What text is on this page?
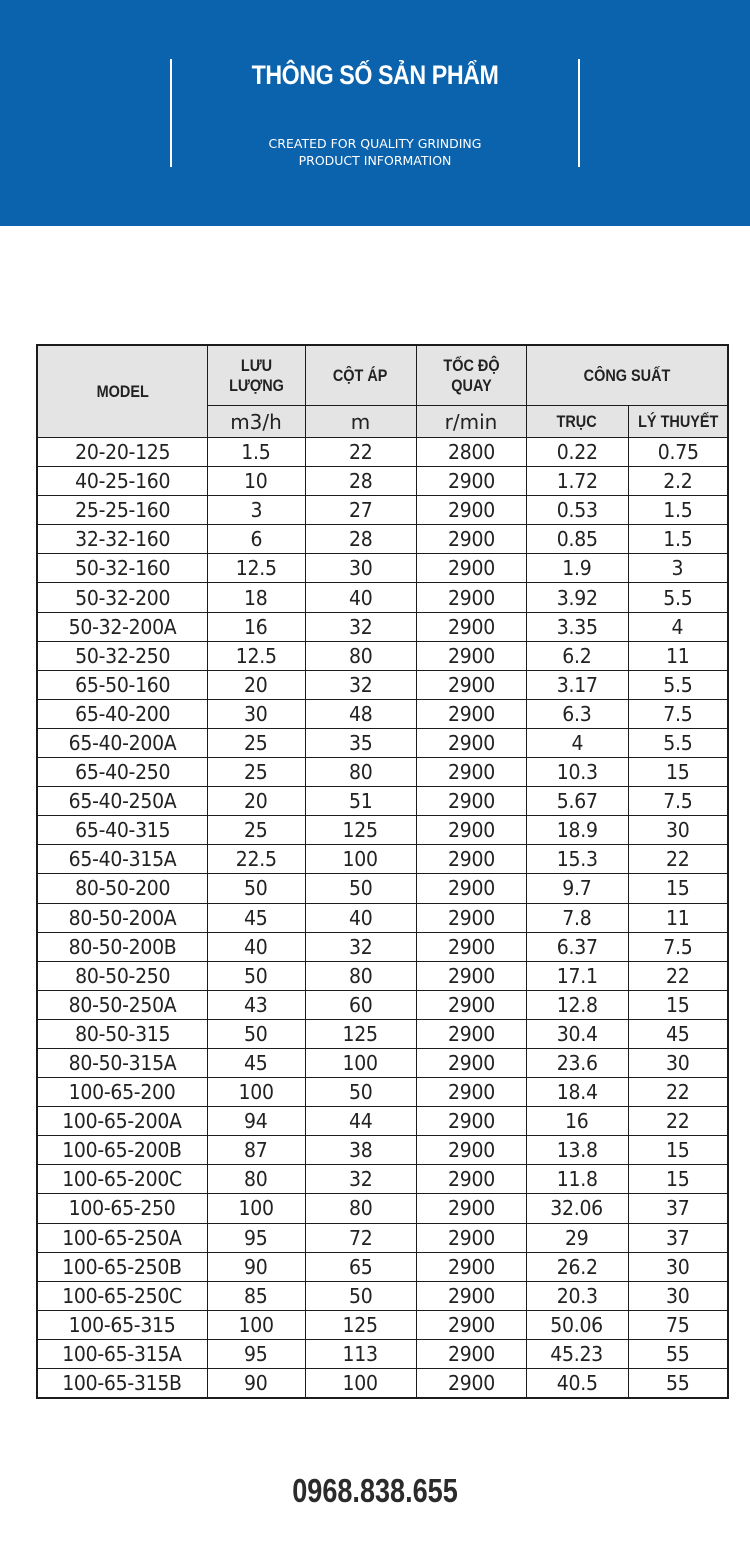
THÔNG SỐ SẢN PHẨM
CREATED FOR QUALITY GRINDING
PRODUCT INFORMATION
MODEL	LƯU LƯỢNG	CỘT ÁP	TỐC ĐỘ QUAY	CÔNG SUẤT	
	m3/h	m	r/min	TRỤC	LÝ THUYẾT
20-20-125	1.5	22	2800	0.22	0.75
40-25-160	10	28	2900	1.72	2.2
25-25-160	3	27	2900	0.53	1.5
32-32-160	6	28	2900	0.85	1.5
50-32-160	12.5	30	2900	1.9	3
50-32-200	18	40	2900	3.92	5.5
50-32-200A	16	32	2900	3.35	4
50-32-250	12.5	80	2900	6.2	11
65-50-160	20	32	2900	3.17	5.5
65-40-200	30	48	2900	6.3	7.5
65-40-200A	25	35	2900	4	5.5
65-40-250	25	80	2900	10.3	15
65-40-250A	20	51	2900	5.67	7.5
65-40-315	25	125	2900	18.9	30
65-40-315A	22.5	100	2900	15.3	22
80-50-200	50	50	2900	9.7	15
80-50-200A	45	40	2900	7.8	11
80-50-200B	40	32	2900	6.37	7.5
80-50-250	50	80	2900	17.1	22
80-50-250A	43	60	2900	12.8	15
80-50-315	50	125	2900	30.4	45
80-50-315A	45	100	2900	23.6	30
100-65-200	100	50	2900	18.4	22
100-65-200A	94	44	2900	16	22
100-65-200B	87	38	2900	13.8	15
100-65-200C	80	32	2900	11.8	15
100-65-250	100	80	2900	32.06	37
100-65-250A	95	72	2900	29	37
100-65-250B	90	65	2900	26.2	30
100-65-250C	85	50	2900	20.3	30
100-65-315	100	125	2900	50.06	75
100-65-315A	95	113	2900	45.23	55
100-65-315B	90	100	2900	40.5	55
0968.838.655
